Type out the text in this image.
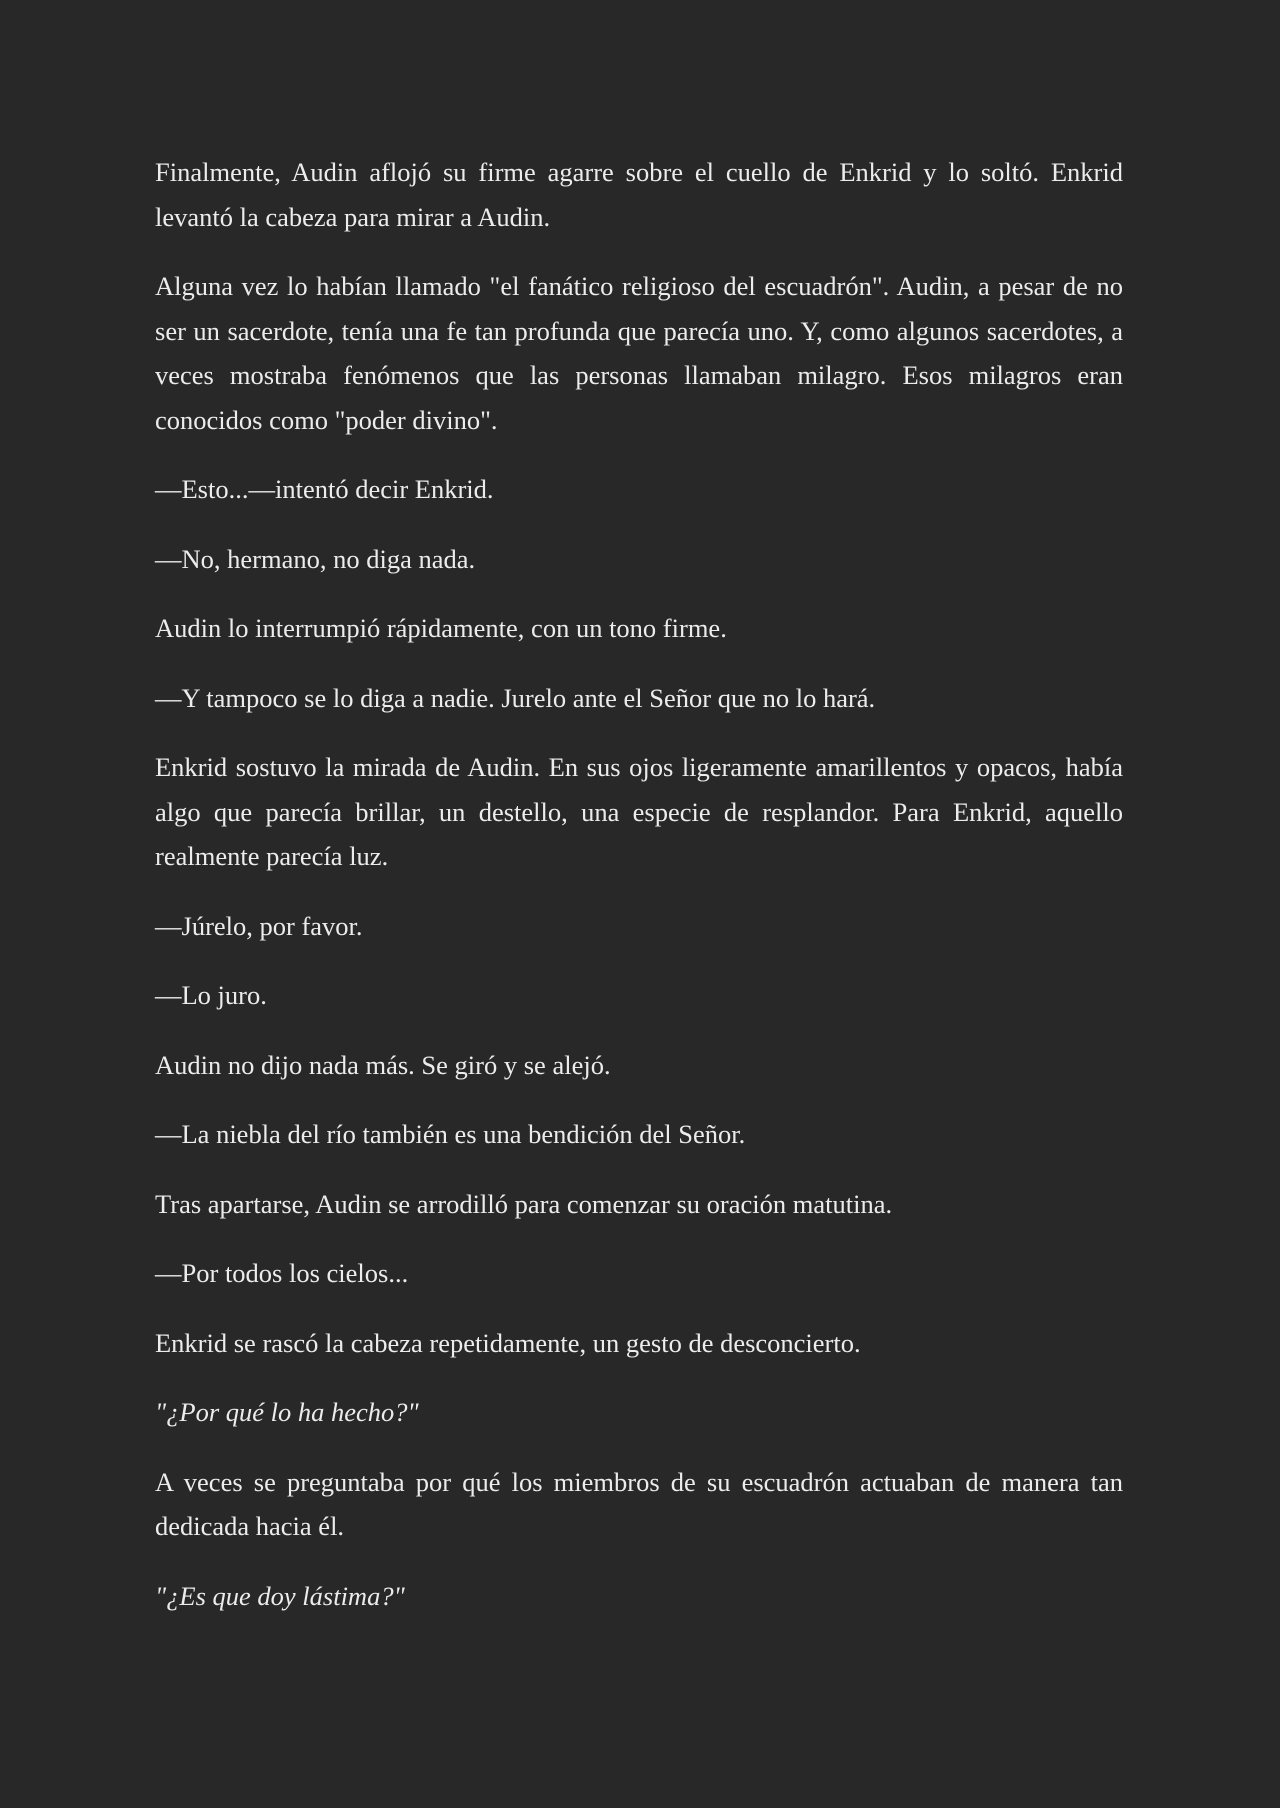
Finalmente, Audin aflojó su firme agarre sobre el cuello de Enkrid y lo soltó. Enkrid levantó la cabeza para mirar a Audin.

Alguna vez lo habían llamado "el fanático religioso del escuadrón". Audin, a pesar de no ser un sacerdote, tenía una fe tan profunda que parecía uno. Y, como algunos sacerdotes, a veces mostraba fenómenos que las personas llamaban milagro. Esos milagros eran conocidos como "poder divino".

—Esto...—intentó decir Enkrid.

—No, hermano, no diga nada.

Audin lo interrumpió rápidamente, con un tono firme.

—Y tampoco se lo diga a nadie. Jurelo ante el Señor que no lo hará.

Enkrid sostuvo la mirada de Audin. En sus ojos ligeramente amarillentos y opacos, había algo que parecía brillar, un destello, una especie de resplandor. Para Enkrid, aquello realmente parecía luz.

—Júrelo, por favor.

—Lo juro.

Audin no dijo nada más. Se giró y se alejó.

—La niebla del río también es una bendición del Señor.

Tras apartarse, Audin se arrodilló para comenzar su oración matutina.

—Por todos los cielos...

Enkrid se rascó la cabeza repetidamente, un gesto de desconcierto.

"¿Por qué lo ha hecho?"

A veces se preguntaba por qué los miembros de su escuadrón actuaban de manera tan dedicada hacia él.

"¿Es que doy lástima?"
